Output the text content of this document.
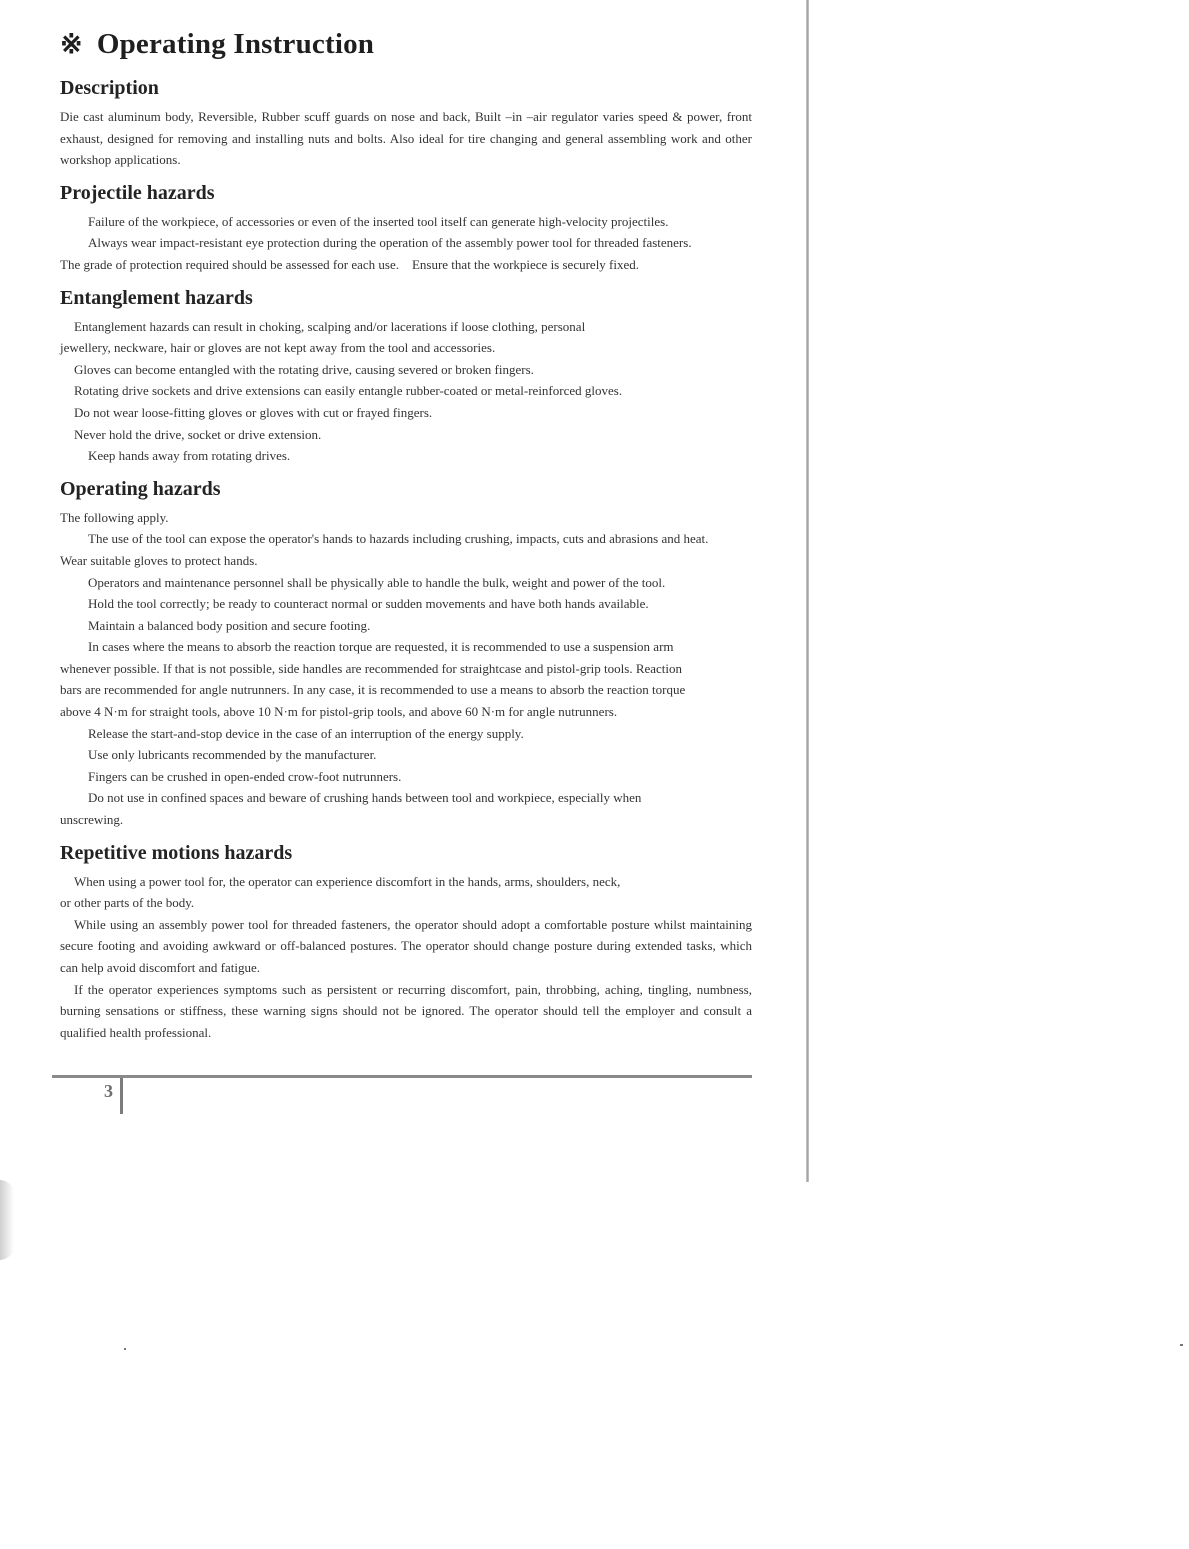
※ Operating Instruction
Description

Die cast aluminum body, Reversible, Rubber scuff guards on nose and back, Built –in –air regulator varies speed & power, front exhaust, designed for removing and installing nuts and bolts. Also ideal for tire changing and general assembling work and other workshop applications.

Projectile hazards

Failure of the workpiece, of accessories or even of the inserted tool itself can generate high-velocity projectiles.

Always wear impact-resistant eye protection during the operation of the assembly power tool for threaded fasteners.

The grade of protection required should be assessed for each use.    Ensure that the workpiece is securely fixed.

Entanglement hazards

Entanglement hazards can result in choking, scalping and/or lacerations if loose clothing, personal

jewellery, neckware, hair or gloves are not kept away from the tool and accessories.

Gloves can become entangled with the rotating drive, causing severed or broken fingers.

Rotating drive sockets and drive extensions can easily entangle rubber-coated or metal-reinforced gloves.

Do not wear loose-fitting gloves or gloves with cut or frayed fingers.

Never hold the drive, socket or drive extension.

Keep hands away from rotating drives.

Operating hazards

The following apply.

The use of the tool can expose the operator's hands to hazards including crushing, impacts, cuts and abrasions and heat.

Wear suitable gloves to protect hands.

Operators and maintenance personnel shall be physically able to handle the bulk, weight and power of the tool.

Hold the tool correctly; be ready to counteract normal or sudden movements and have both hands available.

Maintain a balanced body position and secure footing.

In cases where the means to absorb the reaction torque are requested, it is recommended to use a suspension arm

whenever possible. If that is not possible, side handles are recommended for straightcase and pistol-grip tools. Reaction

bars are recommended for angle nutrunners. In any case, it is recommended to use a means to absorb the reaction torque

above 4 N·m for straight tools, above 10 N·m for pistol-grip tools, and above 60 N·m for angle nutrunners.

Release the start-and-stop device in the case of an interruption of the energy supply.

Use only lubricants recommended by the manufacturer.

Fingers can be crushed in open-ended crow-foot nutrunners.

Do not use in confined spaces and beware of crushing hands between tool and workpiece, especially when

unscrewing.

Repetitive motions hazards

When using a power tool for, the operator can experience discomfort in the hands, arms, shoulders, neck,

or other parts of the body.

While using an assembly power tool for threaded fasteners, the operator should adopt a comfortable posture whilst maintaining secure footing and avoiding awkward or off-balanced postures. The operator should change posture during extended tasks, which can help avoid discomfort and fatigue.

If the operator experiences symptoms such as persistent or recurring discomfort, pain, throbbing, aching, tingling, numbness, burning sensations or stiffness, these warning signs should not be ignored. The operator should tell the employer and consult a qualified health professional.

3
